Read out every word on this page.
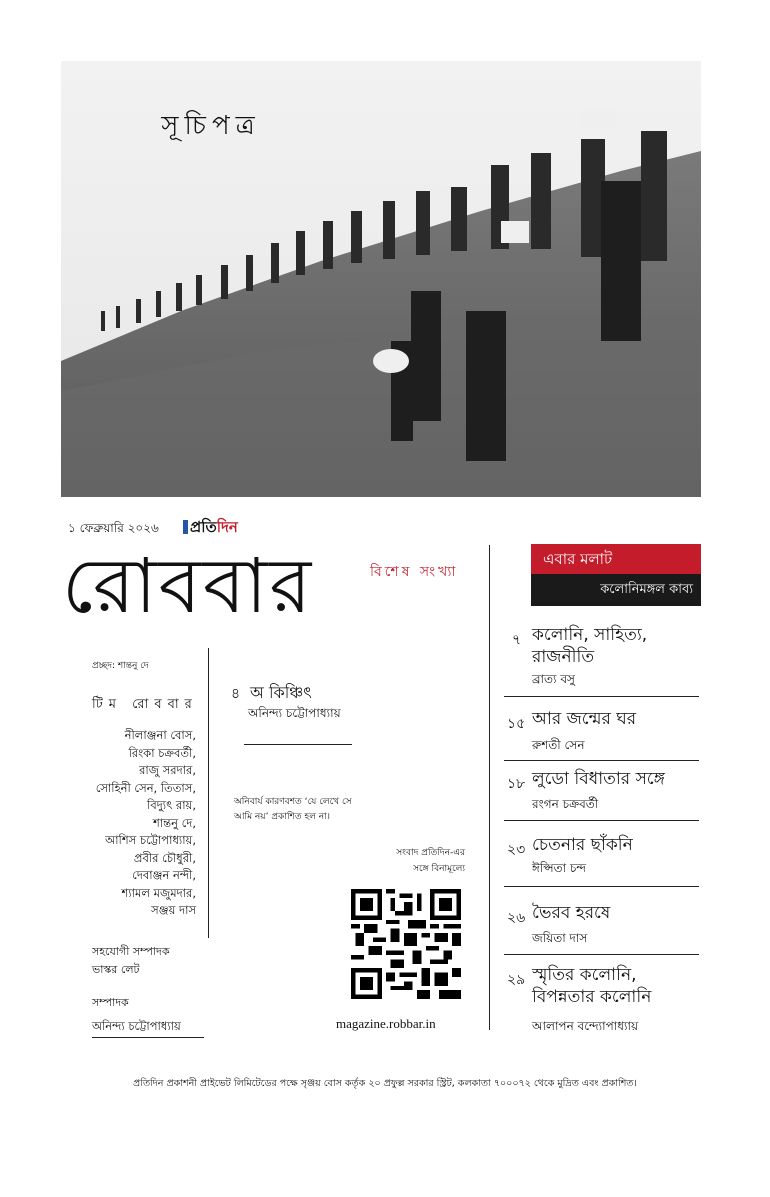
সূচিপত্র
১ ফেব্রুয়ারি ২০২৬	প্রতিদিন
রোববার	বিশেষ সংখ্যা
প্রচ্ছদ: শান্তনু দে
টিম রোববার
নীলাঞ্জনা বোস,
রিংকা চক্রবর্তী,
রাজু সরদার,
সোহিনী সেন, তিতাস,
বিদ্যুৎ রায়,
শান্তনু দে,
আশিস চট্টোপাধ্যায়,
প্রবীর চৌধুরী,
দেবাঞ্জন নন্দী,
শ্যামল মজুমদার,
সঞ্জয় দাস
সহযোগী সম্পাদক
ভাস্কর লেট
সম্পাদক
অনিন্দ্য চট্টোপাধ্যায়
৪ অ কিঞ্চিৎ
অনিন্দ্য চট্টোপাধ্যায়
অনিবার্য কারণবশত ‘যে লেখে সে
আমি নয়’ প্রকাশিত হল না।
সংবাদ প্রতিদিন-এর
সঙ্গে বিনামূল্যে
magazine.robbar.in
এবার মলাট
কলোনিমঙ্গল কাব্য
৭ কলোনি, সাহিত্য,
রাজনীতি
ব্রাত্য বসু
১৫ আর জন্মের ঘর
রুশতী সেন
১৮ লুডো বিধাতার সঙ্গে
রংগন চক্রবর্তী
২৩ চেতনার ছাঁকনি
ঈপ্সিতা চন্দ
২৬ ভৈরব হরষে
জয়িতা দাস
২৯ স্মৃতির কলোনি,
বিপন্নতার কলোনি
আলাপন বন্দ্যোপাধ্যায়
প্রতিদিন প্রকাশনী প্রাইভেট লিমিটেডের পক্ষে সৃঞ্জয় বোস কর্তৃক ২০ প্রফুল্ল সরকার স্ট্রিট, কলকাতা ৭০০০৭২ থেকে মুদ্রিত এবং প্রকাশিত।
